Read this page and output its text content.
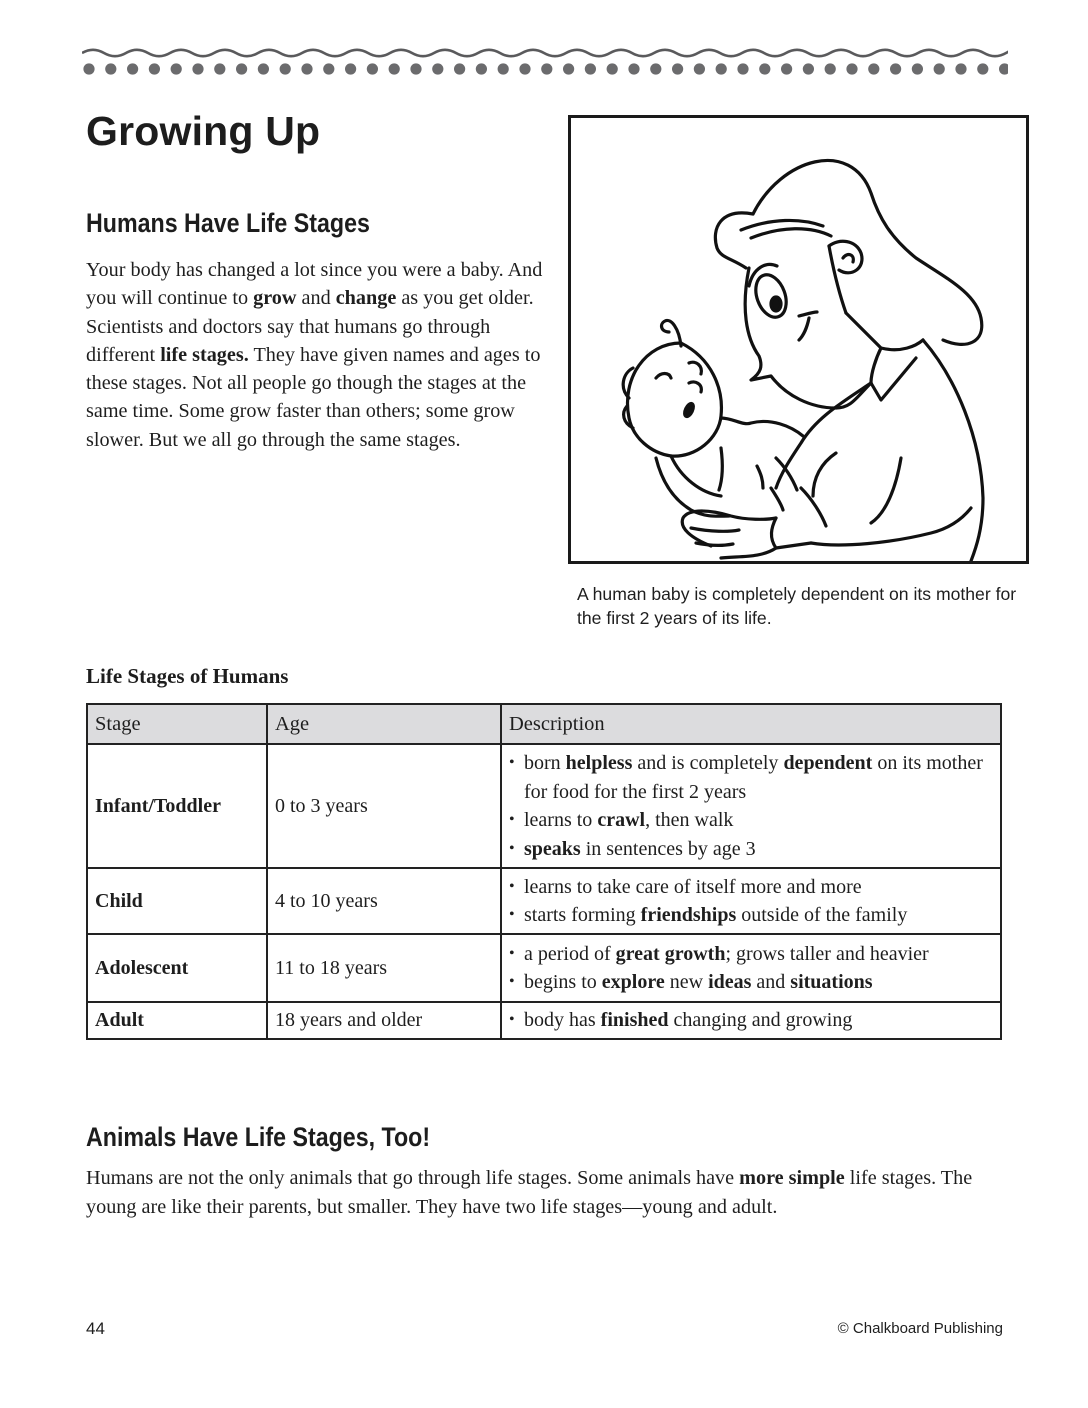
Growing Up
Humans Have Life Stages
Your body has changed a lot since you were a baby. And you will continue to grow and change as you get older. Scientists and doctors say that humans go through different life stages. They have given names and ages to these stages. Not all people go though the stages at the same time. Some grow faster than others; some grow slower. But we all go through the same stages.
A human baby is completely dependent on its mother for the first 2 years of its life.
Life Stages of Humans
Stage	Age	Description
Infant/Toddler	0 to 3 years	
• born helpless and is completely dependent on its mother for food for the first 2 years
• learns to crawl, then walk
• speaks in sentences by age 3

Child	4 to 10 years	
• learns to take care of itself more and more
• starts forming friendships outside of the family

Adolescent	11 to 18 years	
• a period of great growth; grows taller and heavier
• begins to explore new ideas and situations

Adult	18 years and older	
•body has finished changing and growing
Animals Have Life Stages, Too!
Humans are not the only animals that go through life stages. Some animals have more simple life stages. The young are like their parents, but smaller. They have two life stages—young and adult.
44	© Chalkboard Publishing
